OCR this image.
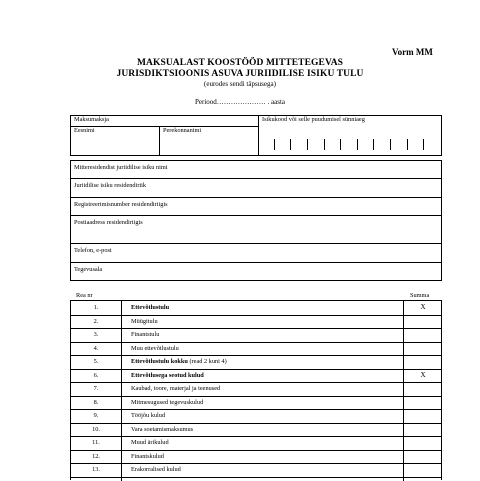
Vorm MM
MAKSUALAST KOOSTÖÖD MITTETEGEVAS
JURISDIKTSIOONIS ASUVA JURIIDILISE ISIKU TULU
(eurodes sendi täpsusega)
Periood………………… . aasta
Maksumaksja
Eesnimi	Perekonnanimi
Isikukood või selle puudumisel sünniaeg
Mitteresidendist juriidilise isiku nimi
Juriidilise isiku residendiriik
Registreerimisnumber residendiriigis
Postiaadress residendiriigis
Telefon, e-post
Tegevusala
Rea nr	Summa
1.	Ettevõtlustulu	X
2.	Müügitulu
3.	Finantstulu
4.	Muu ettevõtlustulu
5.	Ettevõtlustulu kokku (read 2 kuni 4)
6.	Ettevõtlusega seotud kulud	X
7.	Kaubad, toore, materjal ja teenused
8.	Mitmesugused tegevuskulud
9.	Tööjõu kulud
10.	Vara soetamismaksumus
11.	Muud ärikulud
12.	Finantskulud
13.	Erakorralised kulud
